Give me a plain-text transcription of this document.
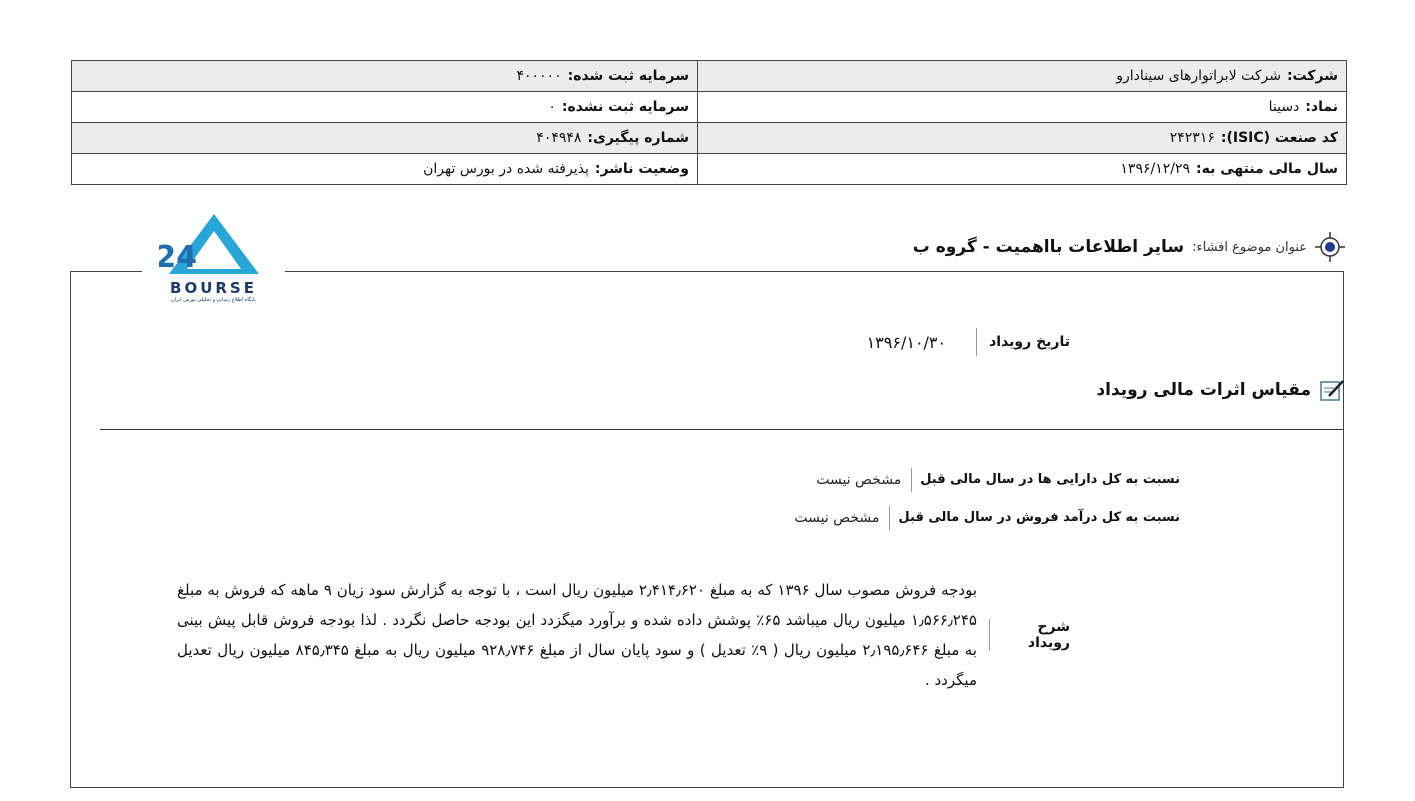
شرکت:شرکت لابراتوارهای سینادارو	سرمایه ثبت شده:۴۰۰۰۰۰
نماد:دسینا	سرمایه ثبت نشده:۰
کد صنعت (ISIC):۲۴۲۳۱۶	شماره پیگیری:۴۰۴۹۴۸
سال مالی منتهی به:۱۳۹۶/۱۲/۲۹	وضعیت ناشر:پذیرفته شده در بورس تهران
24
BOURSE
پایگاه اطلاع رسانی و تحلیلی بورس ایران
عنوان موضوع افشاء:
سایر اطلاعات بااهمیت - گروه ب
تاریخ رویداد
۱۳۹۶/۱۰/۳۰
مقیاس اثرات مالی رویداد
نسبت به کل دارایی ها در سال مالی قبل
مشخص نیست
نسبت به کل درآمد فروش در سال مالی قبل
مشخص نیست
شرح رویداد
بودجه فروش مصوب سال ۱۳۹۶ که به مبلغ ۲٫۴۱۴٫۶۲۰ میلیون ریال است ، با توجه به گزارش سود زیان ۹ ماهه که فروش به مبلغ ۱٫۵۶۶٫۲۴۵ میلیون ریال میباشد ۶۵٪ پوشش داده شده و برآورد میگزدد این بودجه حاصل نگردد . لذا بودجه فروش قابل پیش بینی به مبلغ ۲٫۱۹۵٫۶۴۶ میلیون ریال ( ۹٪ تعدیل ) و سود پایان سال از مبلغ ۹۲۸٫۷۴۶ میلیون ریال به مبلغ ۸۴۵٫۳۴۵ میلیون ریال تعدیل میگردد .
